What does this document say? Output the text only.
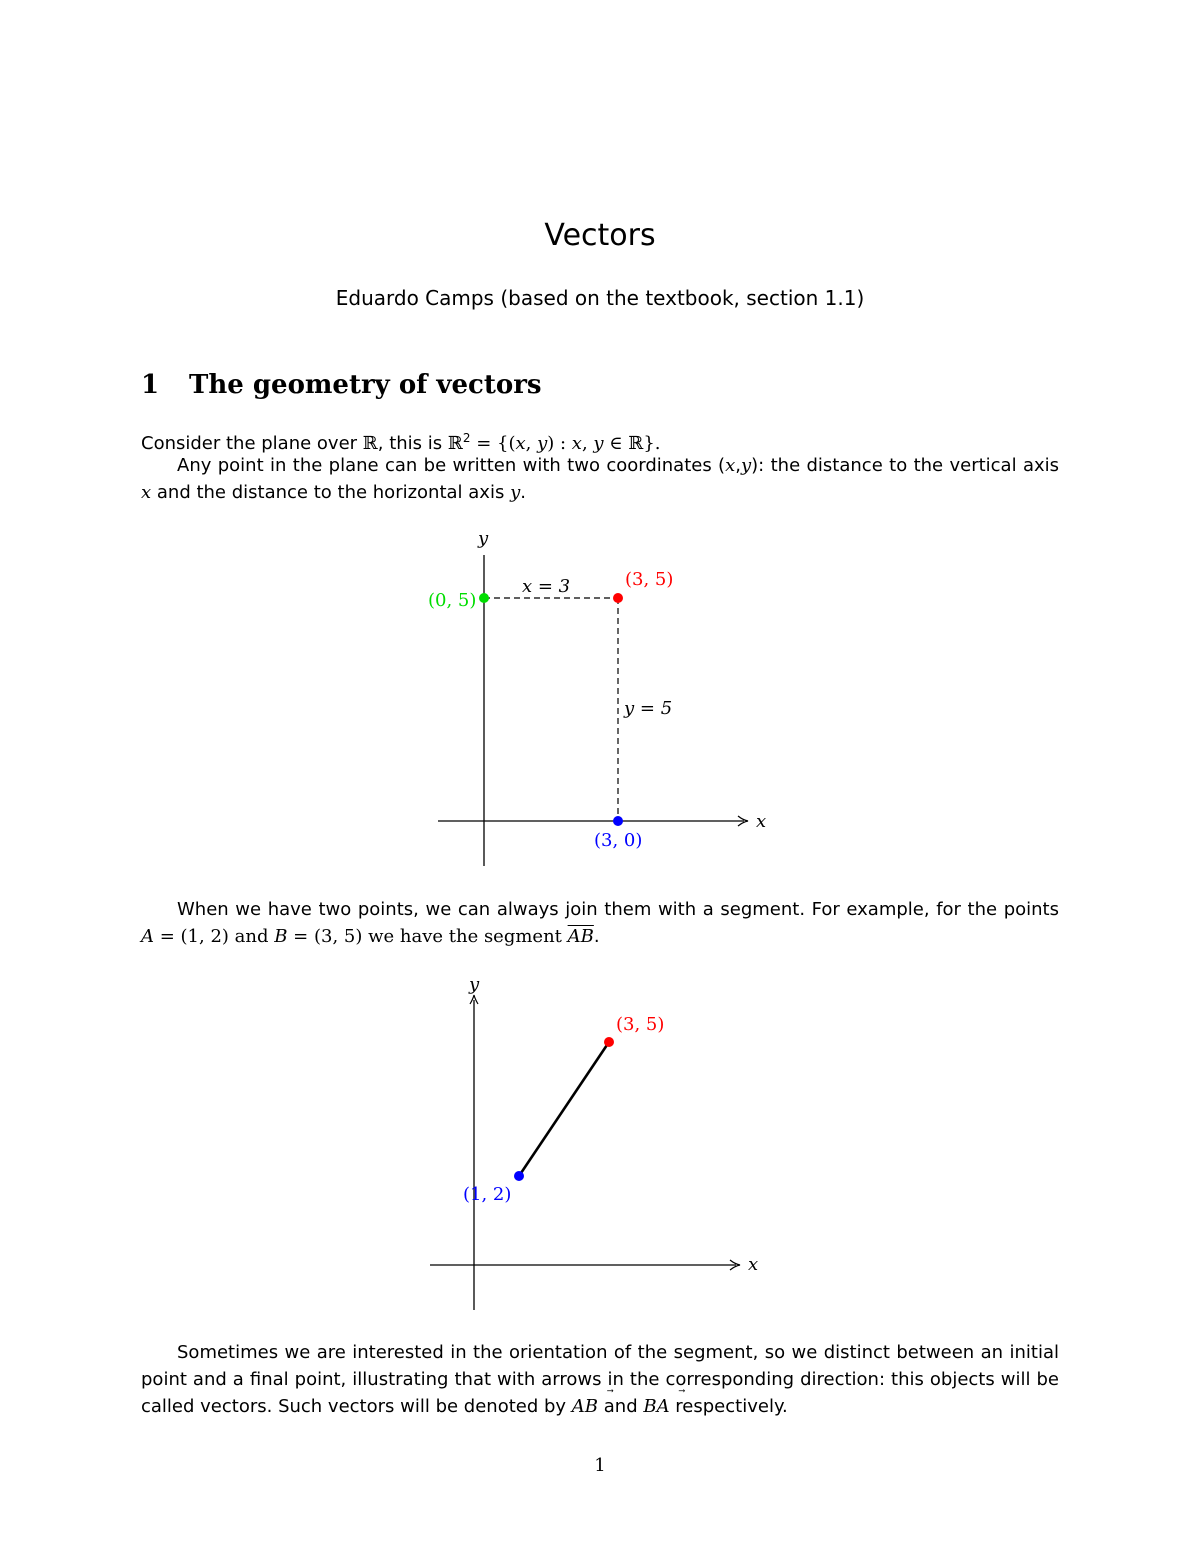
Vectors
Eduardo Camps (based on the textbook, section 1.1)
1 The geometry of vectors
Consider the plane over ℝ, this is ℝ$^2$ = {(x, y) : x, y ∈ ℝ}.
Any point in the plane can be written with two coordinates (x,y): the distance to the vertical axis x and the distance to the horizontal axis y.
y
x
(0, 5)
(3, 5)
(3, 0)
x = 3
y = 5
When we have two points, we can always join them with a segment. For example, for the points A = (1, 2) and B = (3, 5) we have the segment $\overline{AB}$.
y
x
(3, 5)
(1, 2)
Sometimes we are interested in the orientation of the segment, so we distinct between an initial point and a final point, illustrating that with arrows in the corresponding direction: this objects will be called vectors. Such vectors will be denoted by
AB and
BA respectively.
1
